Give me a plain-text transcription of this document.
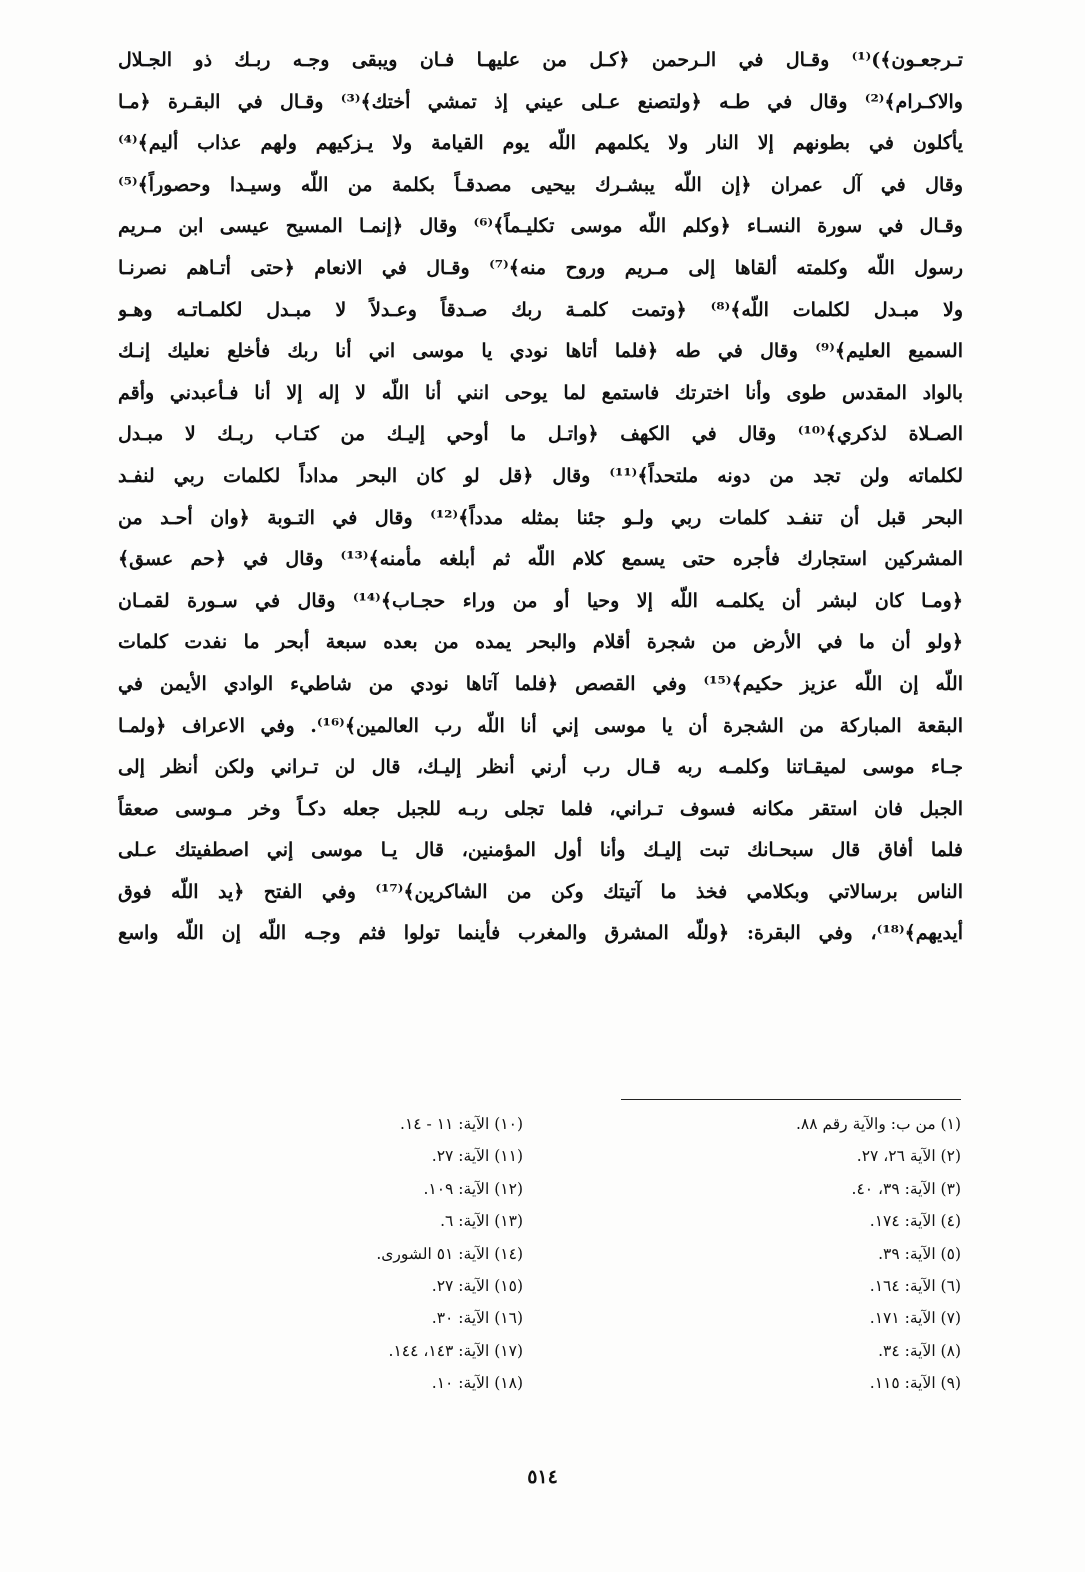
تـرجعـون﴾)⁽¹⁾ وقـال في الـرحمن ﴿كـل من عليهـا فـان ويبقى وجـه ربـك ذو الجـلال
والاكـرام﴾⁽²⁾ وقال في طـه ﴿ولتصنع عـلى عيني إذ تمشي أختك﴾⁽³⁾ وقـال في البقـرة ﴿مـا
يأكلون في بطونهم إلا النار ولا يكلمهم اللّه يوم القيامة ولا يـزكيهم ولهم عذاب أليم﴾⁽⁴⁾
وقال في آل عمران ﴿إن اللّه يبشـرك بيحيى مصدقـاً بكلمة من اللّه وسيـدا وحصوراً﴾⁽⁵⁾
وقـال في سورة النسـاء ﴿وكلم اللّه موسى تكليـماً﴾⁽⁶⁾ وقال ﴿إنمـا المسيح عيسى ابن مـريم
رسول اللّه وكلمته ألقاها إلى مـريم وروح منه﴾⁽⁷⁾ وقـال في الانعام ﴿حتى أتـاهم نصرنـا
ولا مبـدل لكلمات اللّه﴾⁽⁸⁾ ﴿وتمت كلمـة ربك صـدقاً وعـدلاً لا مبـدل لكلمـاتـه وهـو
السميع العليم﴾⁽⁹⁾ وقال في طه ﴿فلما أتاها نودي يا موسى اني أنا ربك فأخلع نعليك إنـك
بالواد المقدس طوى وأنا اخترتك فاستمع لما يوحى انني أنا اللّه لا إله إلا أنا فـأعبدني وأقم
الصـلاة لذكري﴾⁽¹⁰⁾ وقال في الكهف ﴿واتـل ما أوحي إليـك من كتـاب ربـك لا مبـدل
لكلماته ولن تجد من دونه ملتحداً﴾⁽¹¹⁾ وقال ﴿قل لو كان البحر مداداً لكلمات ربي لنفـد
البحر قبل أن تنفـد كلمات ربي ولـو جئنا بمثله مدداً﴾⁽¹²⁾ وقال في التـوبة ﴿وان أحـد من
المشركين استجارك فأجره حتى يسمع كلام اللّه ثم أبلغه مأمنه﴾⁽¹³⁾ وقال في ﴿حم عسق﴾
﴿ومـا كان لبشر أن يكلمـه اللّه إلا وحيا أو من وراء حجـاب﴾⁽¹⁴⁾ وقال في سـورة لقمـان
﴿ولو أن ما في الأرض من شجرة أقلام والبحر يمده من بعده سبعة أبحر ما نفدت كلمات
اللّه إن اللّه عزيز حكيم﴾⁽¹⁵⁾ وفي القصص ﴿فلما آتاها نودي من شاطيء الوادي الأيمن في
البقعة المباركة من الشجرة أن يا موسى إني أنا اللّه رب العالمين﴾⁽¹⁶⁾. وفي الاعراف ﴿ولمـا
جـاء موسى لميقـاتنا وكلمـه ربه قـال رب أرني أنظر إليـك، قال لن تـراني ولكن أنظر إلى
الجبل فان استقر مكانه فسوف تـراني، فلما تجلى ربـه للجبل جعله دكـاً وخر مـوسى صعقاً
فلما أفاق قال سبحـانك تبت إليـك وأنا أول المؤمنين، قال يـا موسى إني اصطفيتك عـلى
الناس برسالاتي وبكلامي فخذ ما آتيتك وكن من الشاكرين﴾⁽¹⁷⁾ وفي الفتح ﴿يد اللّه فوق
أيديهم﴾⁽¹⁸⁾، وفي البقرة: ﴿وللّه المشرق والمغرب فأينما تولوا فثم وجـه اللّه إن اللّه واسع
(١) من ب: والآية رقم ٨٨.
(٢) الآية ٢٦، ٢٧.
(٣) الآية: ٣٩، ٤٠.
(٤) الآية: ١٧٤.
(٥) الآية: ٣٩.
(٦) الآية: ١٦٤.
(٧) الآية: ١٧١.
(٨) الآية: ٣٤.
(٩) الآية: ١١٥.
(١٠) الآية: ١١ - ١٤.
(١١) الآية: ٢٧.
(١٢) الآية: ١٠٩.
(١٣) الآية: ٦.
(١٤) الآية: ٥١ الشورى.
(١٥) الآية: ٢٧.
(١٦) الآية: ٣٠.
(١٧) الآية: ١٤٣، ١٤٤.
(١٨) الآية: ١٠.
٥١٤
